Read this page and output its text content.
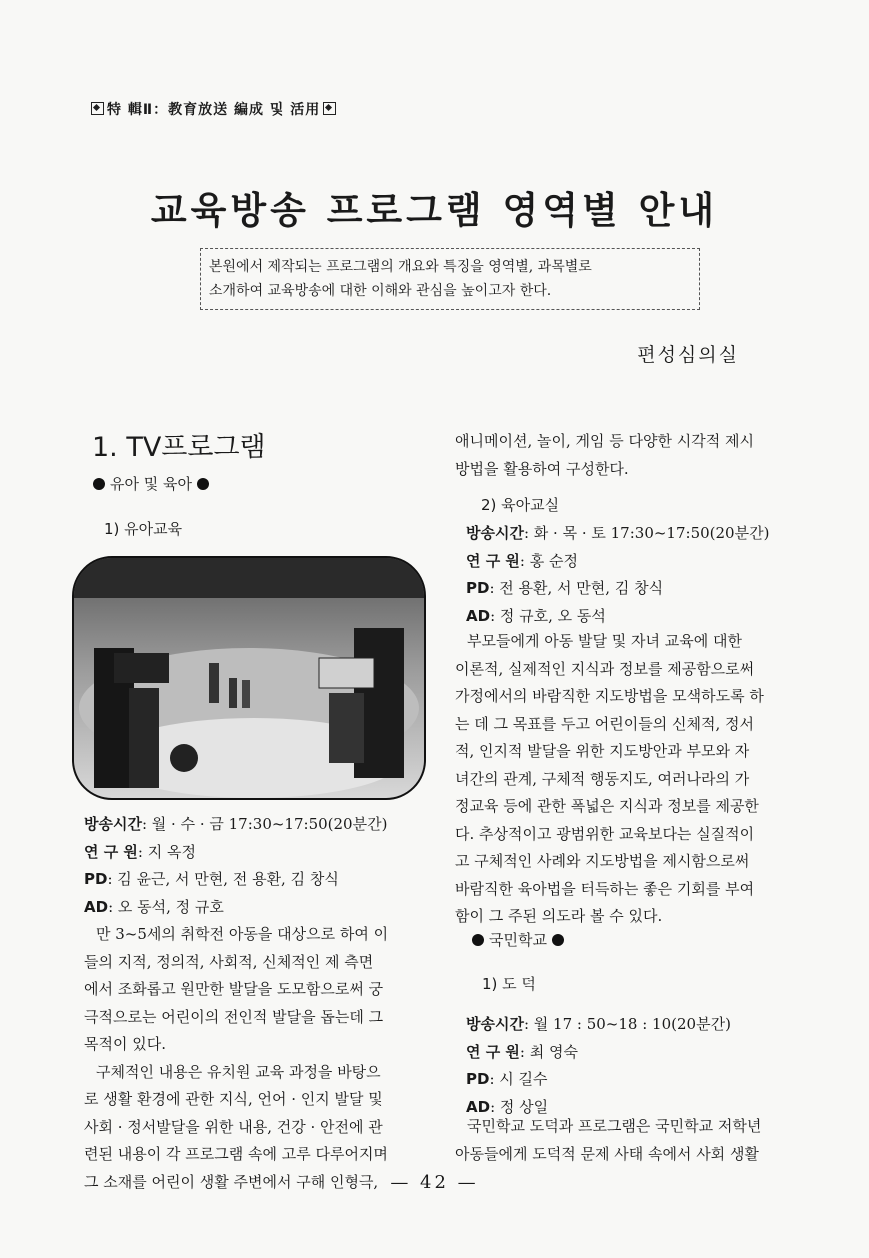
特 輯Ⅱ：教育放送 編成 및 活用
교육방송 프로그램 영역별 안내
본원에서 제작되는 프로그램의 개요와 특징을 영역별, 과목별로
소개하여 교육방송에 대한 이해와 관심을 높이고자 한다.
편성심의실
1. TV프로그램
유아 및 육아
1) 유아교육
방송시간: 월 · 수 · 금 17:30~17:50(20분간)
연 구 원: 지 옥정
PD: 김 윤근, 서 만현, 전 용환, 김 창식
AD: 오 동석, 정 규호
만 3~5세의 취학전 아동을 대상으로 하여 이
들의 지적, 정의적, 사회적, 신체적인 제 측면
에서 조화롭고 원만한 발달을 도모함으로써 궁
극적으로는 어린이의 전인적 발달을 돕는데 그
목적이 있다.
구체적인 내용은 유치원 교육 과정을 바탕으
로 생활 환경에 관한 지식, 언어 · 인지 발달 및
사회 · 정서발달을 위한 내용, 건강 · 안전에 관
련된 내용이 각 프로그램 속에 고루 다루어지며
그 소재를 어린이 생활 주변에서 구해 인형극,
애니메이션, 놀이, 게임 등 다양한 시각적 제시
방법을 활용하여 구성한다.
2) 육아교실
방송시간: 화 · 목 · 토 17:30~17:50(20분간)
연 구 원: 홍 순정
PD: 전 용환, 서 만현, 김 창식
AD: 정 규호, 오 동석
부모들에게 아동 발달 및 자녀 교육에 대한
이론적, 실제적인 지식과 정보를 제공함으로써
가정에서의 바람직한 지도방법을 모색하도록 하
는 데 그 목표를 두고 어린이들의 신체적, 정서
적, 인지적 발달을 위한 지도방안과 부모와 자
녀간의 관계, 구체적 행동지도, 여러나라의 가
정교육 등에 관한 폭넓은 지식과 정보를 제공한
다. 추상적이고 광범위한 교육보다는 실질적이
고 구체적인 사례와 지도방법을 제시함으로써
바람직한 육아법을 터득하는 좋은 기회를 부여
함이 그 주된 의도라 볼 수 있다.
국민학교
1) 도 덕
방송시간: 월 17 : 50~18 : 10(20분간)
연 구 원: 최 영숙
PD: 시 길수
AD: 정 상일
국민학교 도덕과 프로그램은 국민학교 저학년
아동들에게 도덕적 문제 사태 속에서 사회 생활
— 42 —
